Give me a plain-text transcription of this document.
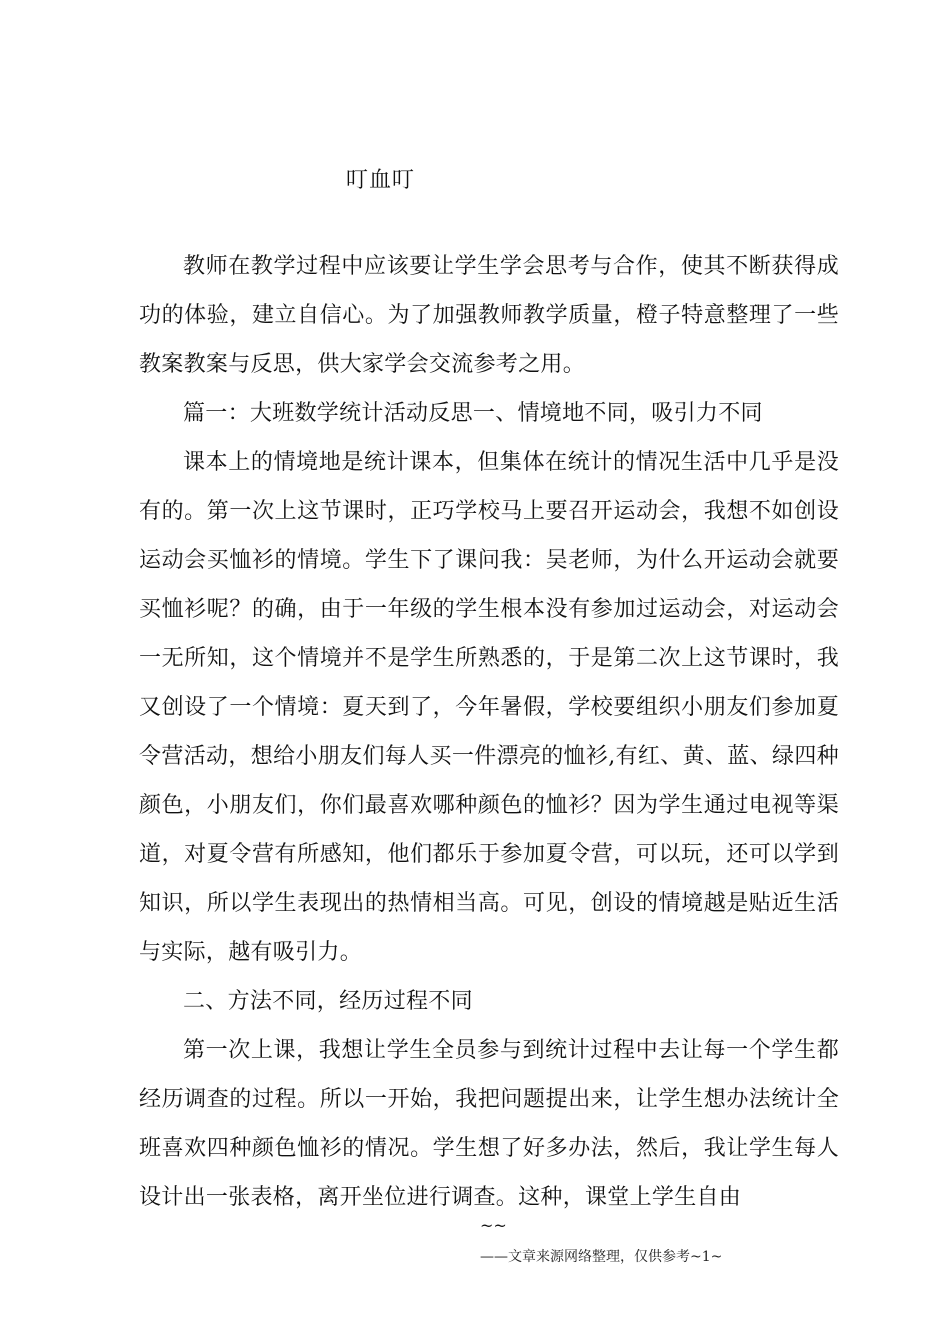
叮血叮

教师在教学过程中应该要让学生学会思考与合作，使其不断获得成功的体验，建立自信心。为了加强教师教学质量，橙子特意整理了一些教案教案与反思，供大家学会交流参考之用。

篇一：大班数学统计活动反思一、情境地不同，吸引力不同

课本上的情境地是统计课本，但集体在统计的情况生活中几乎是没有的。第一次上这节课时，正巧学校马上要召开运动会，我想不如创设运动会买恤衫的情境。学生下了课问我：吴老师，为什么开运动会就要买恤衫呢？的确，由于一年级的学生根本没有参加过运动会，对运动会一无所知，这个情境并不是学生所熟悉的，于是第二次上这节课时，我又创设了一个情境：夏天到了，今年暑假，学校要组织小朋友们参加夏令营活动，想给小朋友们每人买一件漂亮的恤衫,有红、黄、蓝、绿四种颜色，小朋友们，你们最喜欢哪种颜色的恤衫？因为学生通过电视等渠道，对夏令营有所感知，他们都乐于参加夏令营，可以玩，还可以学到知识，所以学生表现出的热情相当高。可见，创设的情境越是贴近生活与实际，越有吸引力。

二、方法不同，经历过程不同

第一次上课，我想让学生全员参与到统计过程中去让每一个学生都经历调查的过程。所以一开始，我把问题提出来，让学生想办法统计全班喜欢四种颜色恤衫的情况。学生想了好多办法，然后，我让学生每人设计出一张表格，离开坐位进行调查。这种，课堂上学生自由

~~
——文章来源网络整理，仅供参考~1~
